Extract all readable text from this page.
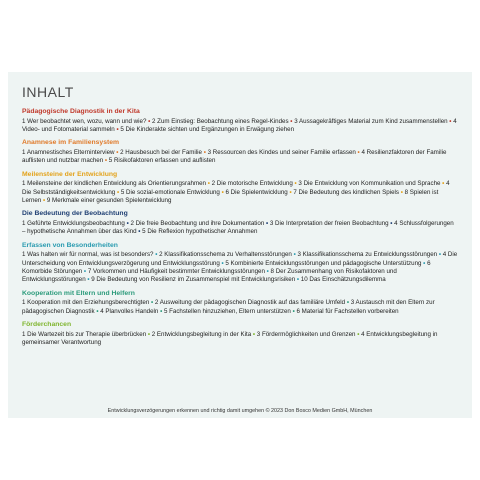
INHALT
Pädagogische Diagnostik in der Kita

1 Wer beobachtet wen, wozu, wann und wie? • 2 Zum Einstieg: Beobachtung eines Regel-Kindes • 3 Aussagekräftiges Material zum Kind zusammenstellen • 4 Video- und Fotomaterial sammeln • 5 Die Kinderakte sichten und Ergänzungen in Erwägung ziehen

Anamnese im Familiensystem

1 Anamnestisches Elterninterview • 2 Hausbesuch bei der Familie • 3 Ressourcen des Kindes und seiner Familie erfassen • 4 Resilienzfaktoren der Familie auflisten und nutzbar machen • 5 Risikofaktoren erfassen und auflisten

Meilensteine der Entwicklung

1 Meilensteine der kindlichen Entwicklung als Orientierungsrahmen • 2 Die motorische Entwicklung • 3 Die Entwicklung von Kommunikation und Sprache • 4 Die Selbstständigkeitsentwicklung • 5 Die sozial-emotionale Entwicklung • 6 Die Spielentwicklung • 7 Die Bedeutung des kindlichen Spiels • 8 Spielen ist Lernen • 9 Merkmale einer gesunden Spielentwicklung

Die Bedeutung der Beobachtung

1 Geführte Entwicklungsbeobachtung • 2 Die freie Beobachtung und ihre Dokumentation • 3 Die Interpretation der freien Beobachtung • 4 Schlussfolgerungen – hypothetische Annahmen über das Kind • 5 Die Reflexion hypothetischer Annahmen

Erfassen von Besonderheiten

1 Was halten wir für normal, was ist besonders? • 2 Klassifikationsschema zu Verhaltensstörungen • 3 Klassifikationsschema zu Entwicklungsstörungen • 4 Die Unterscheidung von Entwicklungsverzögerung und Entwicklungsstörung • 5 Kombinierte Entwicklungsstörungen und pädagogische Unterstützung • 6 Komorbide Störungen • 7 Vorkommen und Häufigkeit bestimmter Entwicklungsstörungen • 8 Der Zusammenhang von Risikofaktoren und Entwicklungsstörungen • 9 Die Bedeutung von Resilienz im Zusammenspiel mit Entwicklungsrisiken • 10 Das Einschätzungsdilemma

Kooperation mit Eltern und Helfern

1 Kooperation mit den Erziehungsberechtigten • 2 Ausweitung der pädagogischen Diagnostik auf das familiäre Umfeld • 3 Austausch mit den Eltern zur pädagogischen Diagnostik • 4 Planvolles Handeln • 5 Fachstellen hinzuziehen, Eltern unterstützen • 6 Material für Fachstellen vorbereiten

Förderchancen

1 Die Wartezeit bis zur Therapie überbrücken • 2 Entwicklungsbegleitung in der Kita • 3 Fördermöglichkeiten und Grenzen • 4 Entwicklungsbegleitung in gemeinsamer Verantwortung

Entwicklungsverzögerungen erkennen und richtig damit umgehen © 2023 Don Bosco Medien GmbH, München
